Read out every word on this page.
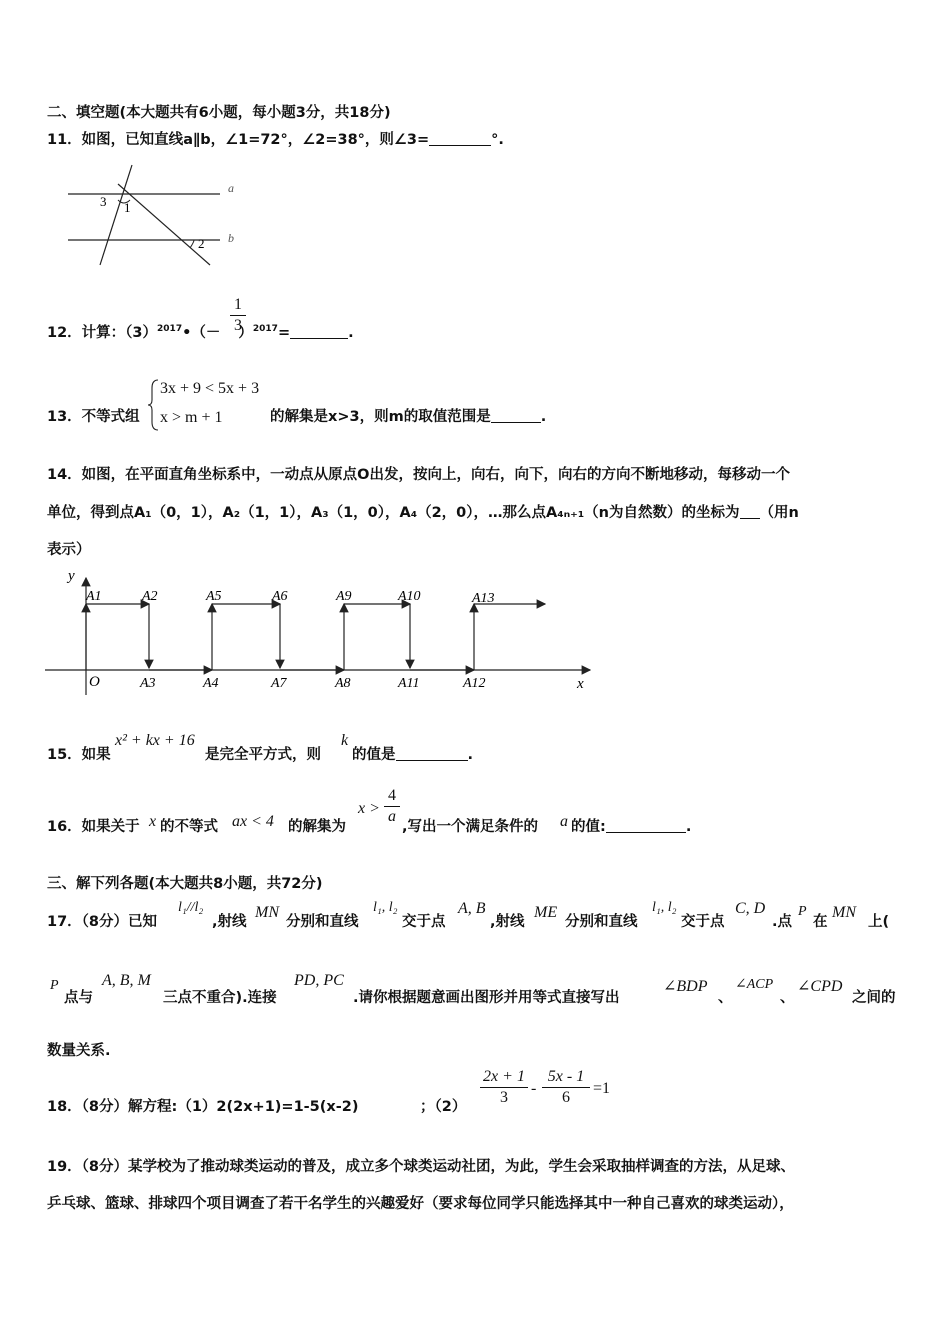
二、填空题(本大题共有6小题，每小题3分，共18分)
11．如图，已知直线a∥b，∠1=72°，∠2=38°，则∠3=	°.
3 1
2
a
b
12．计算：$(3)^{2017}•(- )^{2017}=$	.
1
3
13．不等式组
3x + 9 < 5x + 3
x > m + 1	的解集是x>3，则m的取值范围是	.
14．如图，在平面直角坐标系中，一动点从原点O出发，按向上，向右，向下，向右的方向不断地移动，每移动一个
单位，得到点A₁（0，1），A₂（1，1），A₃（1，0），A₄（2，0），…那么点A₄ₙ₊₁（n为自然数）的坐标为 （用n
表示）
y
x
O
A1	A2	A5	A6	A9	A10	A13
A3	A4	A7	A8	A11	A12
15．如果
x² + kx + 16
是完全平方式，则
k
的值是	.
16．如果关于 x 的不等式 ax < 4 的解集为
x >
4
a
,写出一个满足条件的 a 的值:	.
三、解下列各题(本大题共8小题，共72分)
17．（8分）已知
l₁//l₂
,射线
MN
分别和直线
l₁, l₂
交于点
A, B
,射线
ME
分别和直线
l₁, l₂
交于点
C, D
.点
P
在
MN
上(
P
点与
A, B, M
三点不重合).连接
PD, PC
.请你根据题意画出图形并用等式直接写出
∠BDP
、
∠ACP
、
∠CPD
之间的
数量关系.
18．（8分）解方程:（1）2(2x+1)=1-5(x-2)	；（2）
2x + 1
3
-
5x - 1
6
=1
19．（8分）某学校为了推动球类运动的普及，成立多个球类运动社团，为此，学生会采取抽样调查的方法，从足球、
乒乓球、篮球、排球四个项目调查了若干名学生的兴趣爱好（要求每位同学只能选择其中一种自己喜欢的球类运动），
